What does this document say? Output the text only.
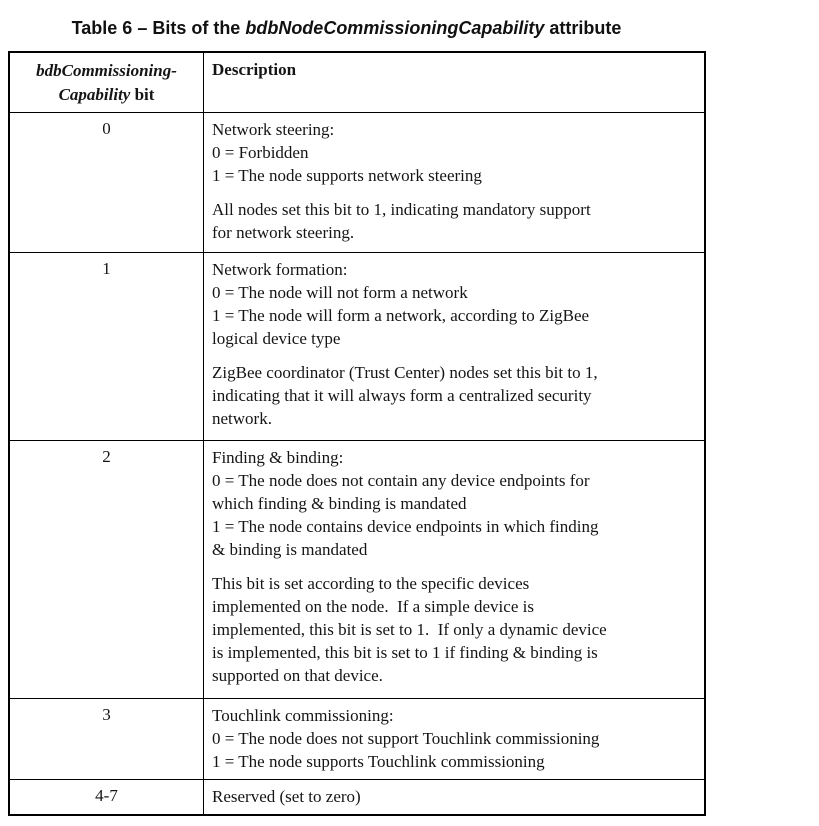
Table 6 – Bits of the bdbNodeCommissioningCapability attribute
bdbCommissioning-
Capability bit	Description

0	Network steering:
0 = Forbidden
1 = The node supports network steering
All nodes set this bit to 1, indicating mandatory support
for network steering.

1	Network formation:
0 = The node will not form a network
1 = The node will form a network, according to ZigBee
logical device type
ZigBee coordinator (Trust Center) nodes set this bit to 1,
indicating that it will always form a centralized security
network.

2	Finding & binding:
0 = The node does not contain any device endpoints for
which finding & binding is mandated
1 = The node contains device endpoints in which finding
& binding is mandated
This bit is set according to the specific devices
implemented on the node.  If a simple device is
implemented, this bit is set to 1.  If only a dynamic device
is implemented, this bit is set to 1 if finding & binding is
supported on that device.

3	Touchlink commissioning:
0 = The node does not support Touchlink commissioning
1 = The node supports Touchlink commissioning

4-7	Reserved (set to zero)
